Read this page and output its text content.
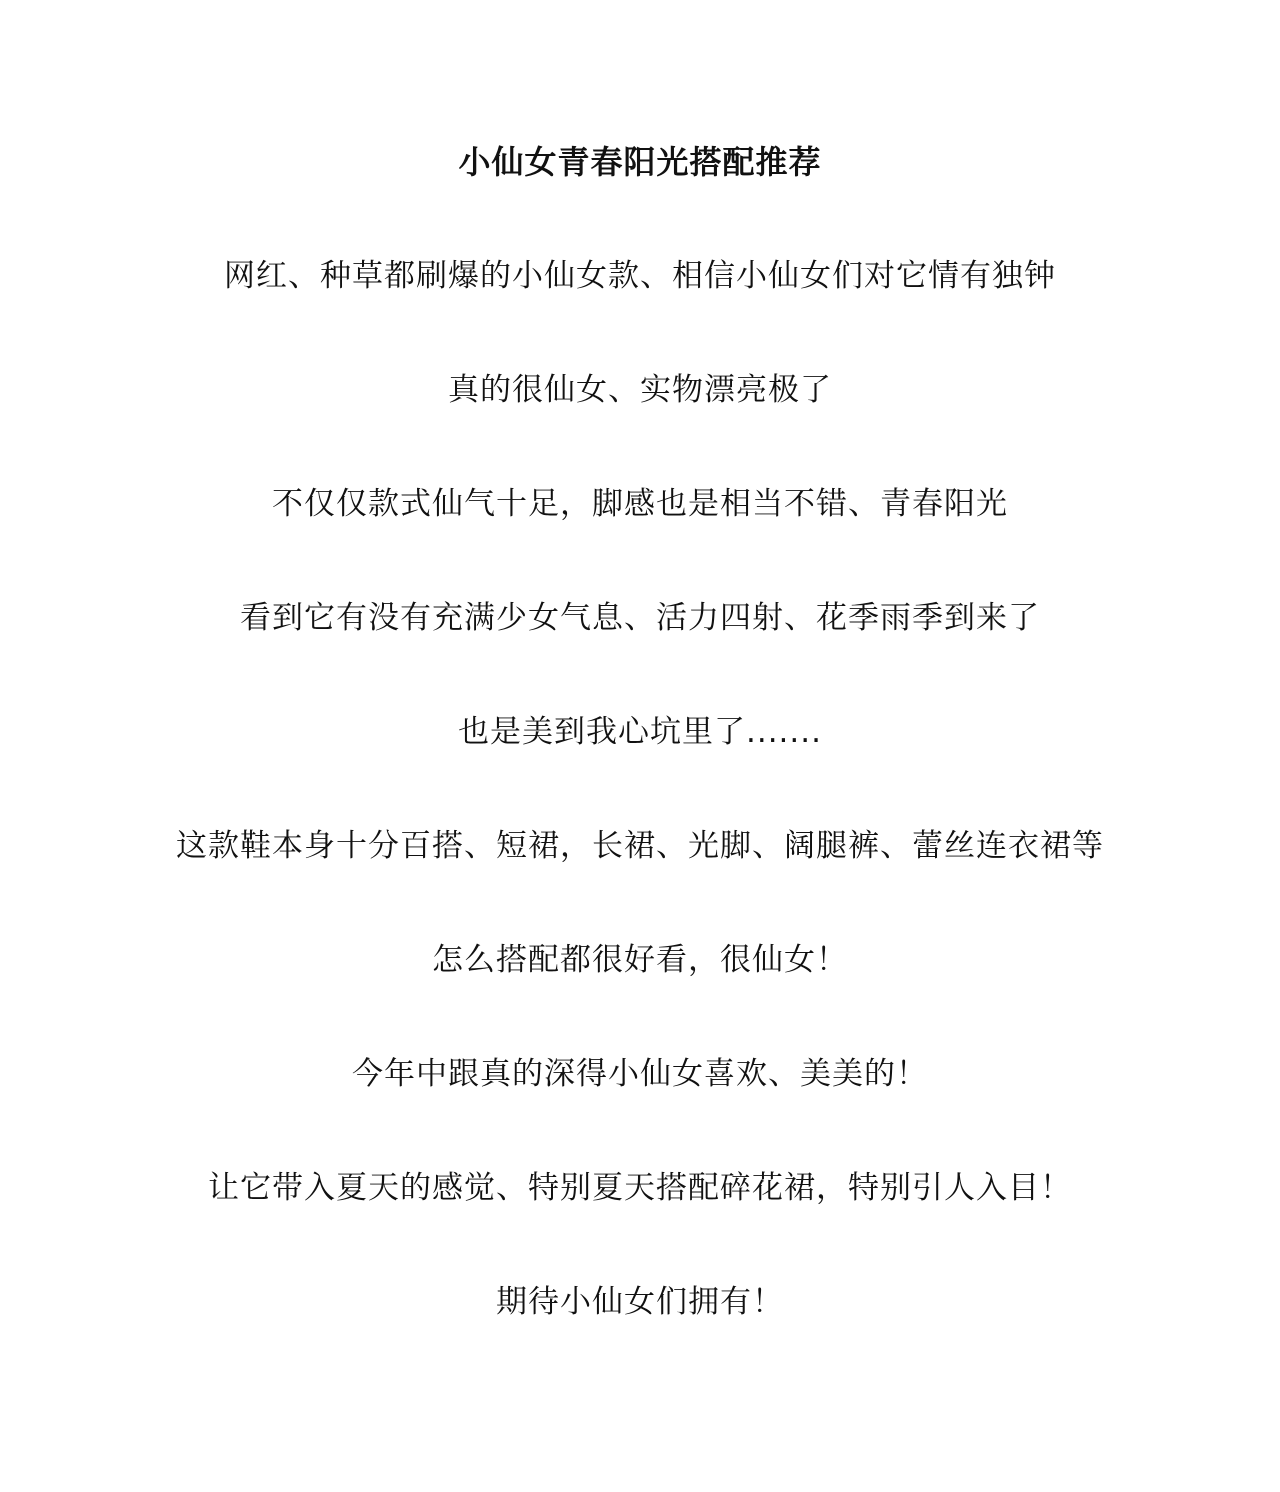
小仙女青春阳光搭配推荐

网红、种草都刷爆的小仙女款、相信小仙女们对它情有独钟

真的很仙女、实物漂亮极了

不仅仅款式仙气十足，脚感也是相当不错、青春阳光

看到它有没有充满少女气息、活力四射、花季雨季到来了

也是美到我心坑里了.......

这款鞋本身十分百搭、短裙，长裙、光脚、阔腿裤、蕾丝连衣裙等

怎么搭配都很好看，很仙女！

今年中跟真的深得小仙女喜欢、美美的！

让它带入夏天的感觉、特别夏天搭配碎花裙，特别引人入目！

期待小仙女们拥有！
